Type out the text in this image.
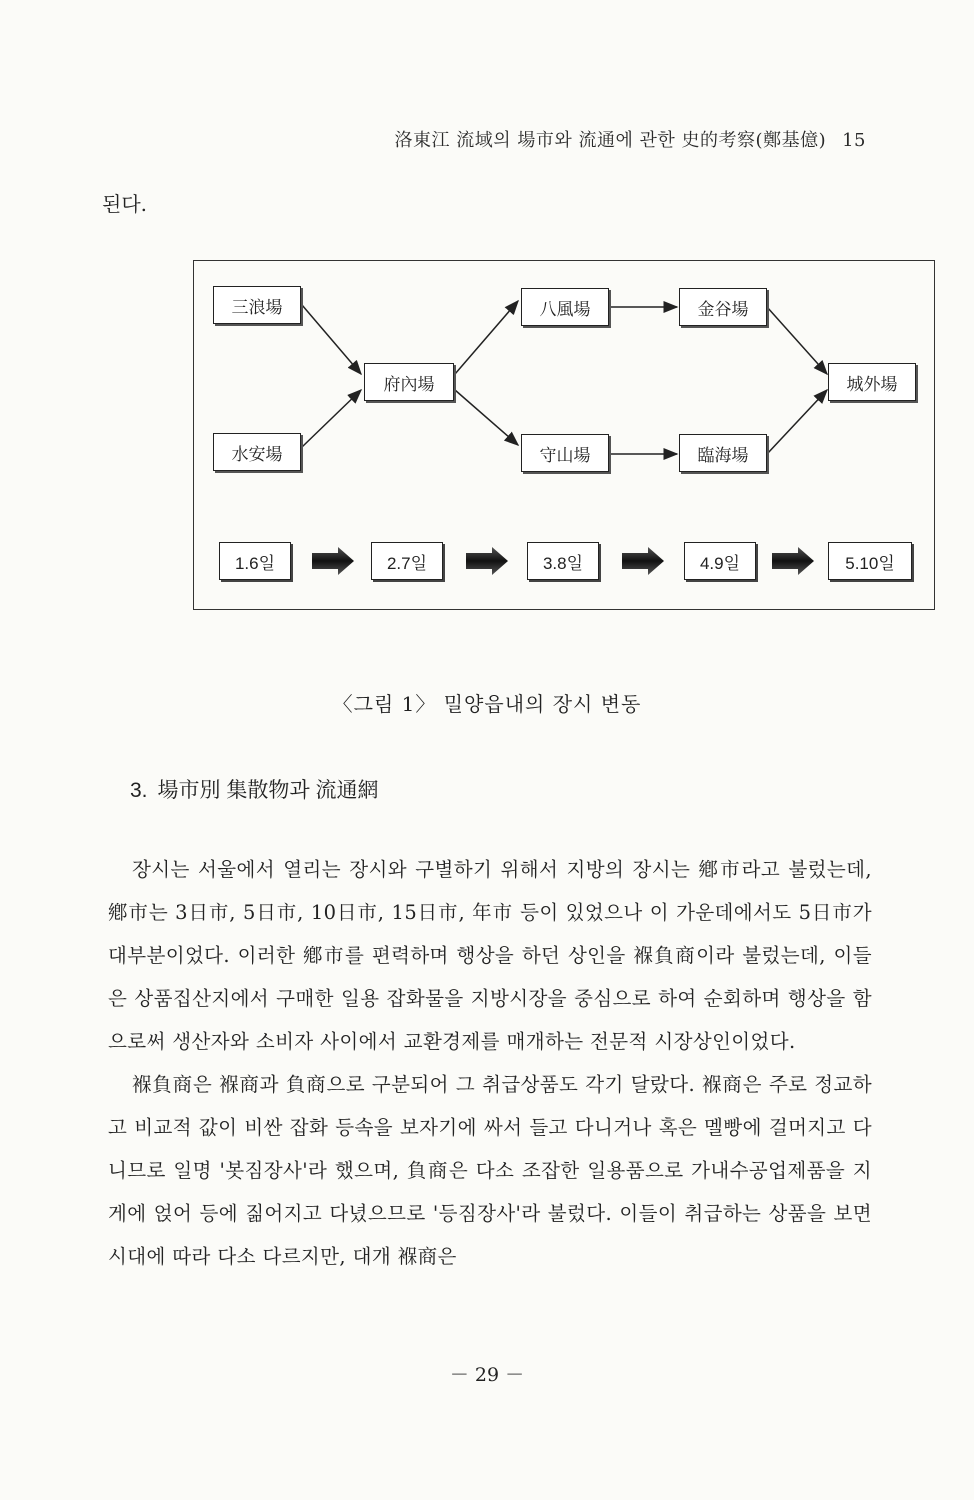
洛東江 流域의 場市와 流通에 관한 史的考察(鄭基億) 15
된다.
三浪場
水安場
府內場
八風場
守山場
金谷場
臨海場
城外場
1.6일	2.7일	3.8일	4.9일	5.10일
〈그림 1〉 밀양읍내의 장시 변동
3. 場市別 集散物과 流通網

장시는 서울에서 열리는 장시와 구별하기 위해서 지방의 장시는 鄕市라고 불렀는데, 鄕市는 3日市, 5日市, 10日市, 15日市, 年市 등이 있었으나 이 가운데에서도 5日市가 대부분이었다. 이러한 鄕市를 편력하며 행상을 하던 상인을 褓負商이라 불렀는데, 이들은 상품집산지에서 구매한 일용 잡화물을 지방시장을 중심으로 하여 순회하며 행상을 함으로써 생산자와 소비자 사이에서 교환경제를 매개하는 전문적 시장상인이었다.

褓負商은 褓商과 負商으로 구분되어 그 취급상품도 각기 달랐다. 褓商은 주로 정교하고 비교적 값이 비싼 잡화 등속을 보자기에 싸서 들고 다니거나 혹은 멜빵에 걸머지고 다니므로 일명 '봇짐장사'라 했으며, 負商은 다소 조잡한 일용품으로 가내수공업제품을 지게에 얹어 등에 짊어지고 다녔으므로 '등짐장사'라 불렀다. 이들이 취급하는 상품을 보면 시대에 따라 다소 다르지만, 대개 褓商은

－ 29 －
